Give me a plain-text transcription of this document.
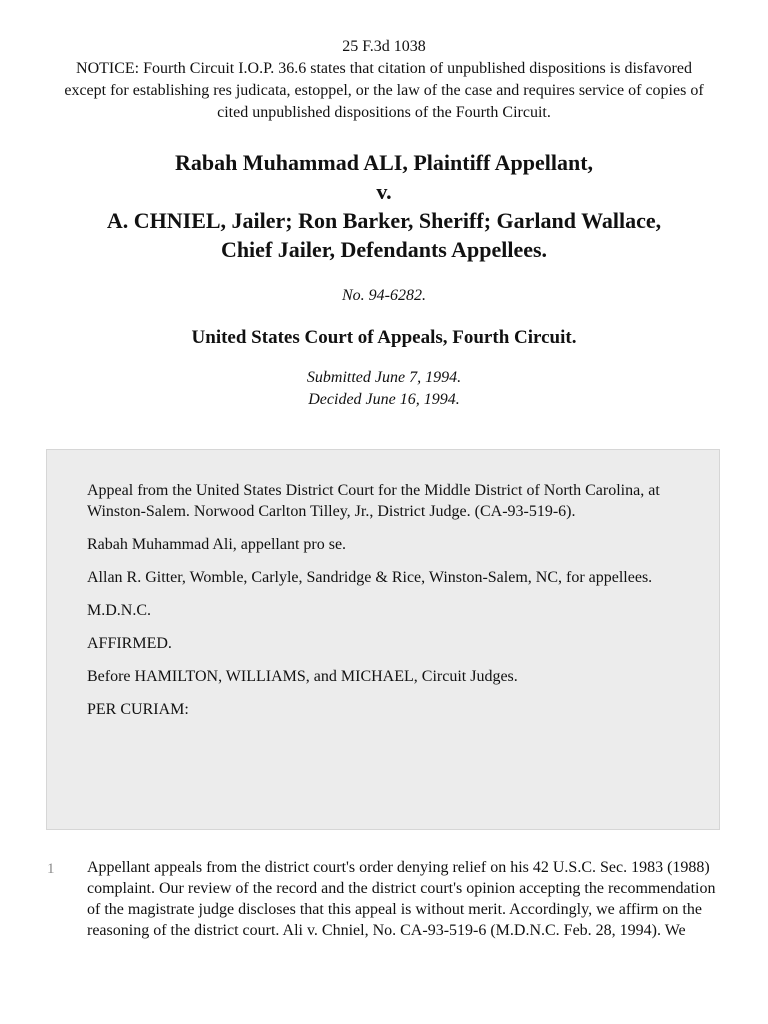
25 F.3d 1038
NOTICE: Fourth Circuit I.O.P. 36.6 states that citation of unpublished dispositions is disfavored except for establishing res judicata, estoppel, or the law of the case and requires service of copies of cited unpublished dispositions of the Fourth Circuit.
Rabah Muhammad ALI, Plaintiff Appellant,
v.
A. CHNIEL, Jailer; Ron Barker, Sheriff; Garland Wallace,
Chief Jailer, Defendants Appellees.
No. 94-6282.
United States Court of Appeals, Fourth Circuit.
Submitted June 7, 1994.
Decided June 16, 1994.

Appeal from the United States District Court for the Middle District of North Carolina, at Winston-Salem. Norwood Carlton Tilley, Jr., District Judge. (CA-93-519-6).

Rabah Muhammad Ali, appellant pro se.

Allan R. Gitter, Womble, Carlyle, Sandridge & Rice, Winston-Salem, NC, for appellees.

M.D.N.C.

AFFIRMED.

Before HAMILTON, WILLIAMS, and MICHAEL, Circuit Judges.

PER CURIAM:

1 Appellant appeals from the district court's order denying relief on his 42 U.S.C. Sec. 1983 (1988) complaint. Our review of the record and the district court's opinion accepting the recommendation of the magistrate judge discloses that this appeal is without merit. Accordingly, we affirm on the reasoning of the district court. Ali v. Chniel, No. CA-93-519-6 (M.D.N.C. Feb. 28, 1994). We
